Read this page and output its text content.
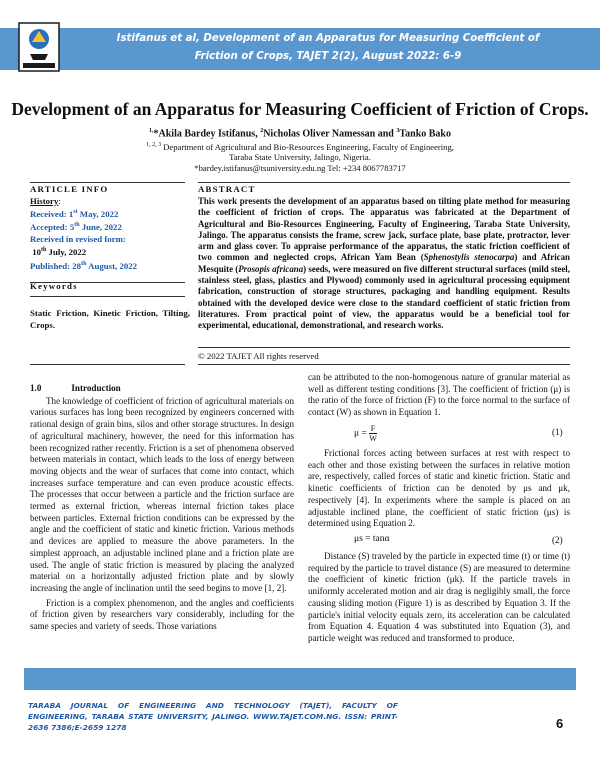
Istifanus et al, Development of an Apparatus for Measuring Coefficient of
Friction of Crops, TAJET 2(2), August 2022: 6-9
Development of an Apparatus for Measuring Coefficient of Friction of Crops.
$^{1,}$*Akila Bardey Istifanus, $^2$Nicholas Oliver Namessan and $^3$Tanko Bako
$^{1, 2, 3}$ Department of Agricultural and Bio-Resources Engineering, Faculty of Engineering,
Taraba State University, Jalingo, Nigeria.
*bardey.istifanus@tsuniversity.edu.ng Tel: +234 8067783717
ARTICLE INFO
History:
Received: 1st May, 2022
Accepted: 5th June, 2022
Received in revised form:
10th July, 2022
Published: 28th August, 2022
Keywords
Static Friction, Kinetic Friction, Tilting, Crops.
ABSTRACT
This work presents the development of an apparatus based on tilting plate method for measuring the coefficient of friction of crops. The apparatus was fabricated at the Department of Agricultural and Bio-Resources Engineering, Faculty of Engineering, Taraba State University, Jalingo. The apparatus consists the frame, screw jack, surface plate, base plate, protractor, lever arm and glass cover. To appraise performance of the apparatus, the static friction coefficient of two common and neglected crops, African Yam Bean (Sphenostylis stenocarpa) and African Mesquite (Prosopis africana) seeds, were measured on five different structural surfaces (mild steel, stainless steel, glass, plastics and Plywood) commonly used in agricultural processing equipment fabrication, construction of storage structures, packaging and handling equipment. Results obtained with the developed device were close to the standard coefficient of static friction from literatures. From practical point of view, the apparatus would be a beneficial tool for experimental, educational, demonstrational, and research works.
© 2022 TAJET All rights reserved
1.0	Introduction

The knowledge of coefficient of friction of agricultural materials on various surfaces has long been recognized by engineers concerned with rational design of grain bins, silos and other storage structures. In design of agricultural machinery, however, the need for this information has been recognized rather recently. Friction is a set of phenomena observed between materials in contact, which leads to the loss of energy between moving objects and the wear of surfaces that come into contact, which increases surface temperature and can even produce acoustic effects. The processes that occur between a particle and the friction surface are termed as external friction, whereas internal friction takes place between particles. External friction conditions can be expressed by the angle and the coefficient of static and kinetic friction. Various methods and devices are applied to measure the above parameters. In the simplest approach, an adjustable inclined plane and a friction plate are used. The angle of static friction is measured by placing the analyzed material on a horizontally adjusted friction plate and by slowly increasing the angle of inclination until the seed begins to move [1, 2].

Friction is a complex phenomenon, and the angles and coefficients of friction given by researchers vary considerably, including for the same species and variety of seeds. Those variations

can be attributed to the non-homogenous nature of granular material as well as different testing conditions [3]. The coefficient of friction (μ) is the ratio of the force of friction (F) to the force normal to the surface of contact (W) as shown in Equation 1.

$\mu = \frac{F}{W}$	(1)

Frictional forces acting between surfaces at rest with respect to each other and those existing between the surfaces in relative motion are, respectively, called forces of static and kinetic friction. Static and kinetic coefficients of friction can be denoted by μs and μk, respectively [4]. In experiments where the sample is placed on an adjustable inclined plane, the coefficient of static friction (μs) is determined using Equation 2.

μs = tanα	(2)

Distance (S) traveled by the particle in expected time (t) or time (t) required by the particle to travel distance (S) are measured to determine the coefficient of kinetic friction (μk). If the particle travels in uniformly accelerated motion and air drag is negligibly small, the force causing sliding motion (Figure 1) is as described by Equation 3. If the particle's initial velocity equals zero, its acceleration can be calculated from Equation 4. Equation 4 was substituted into Equation (3), and particle weight was reduced and transformed to produce.

TARABA JOURNAL OF ENGINEERING AND TECHNOLOGY (TAJET), FACULTY OF ENGINEERING, TARABA STATE UNIVERSITY, JALINGO. WWW.TAJET.COM.NG. ISSN: PRINT- 2636 7386;E-2659 1278	6
